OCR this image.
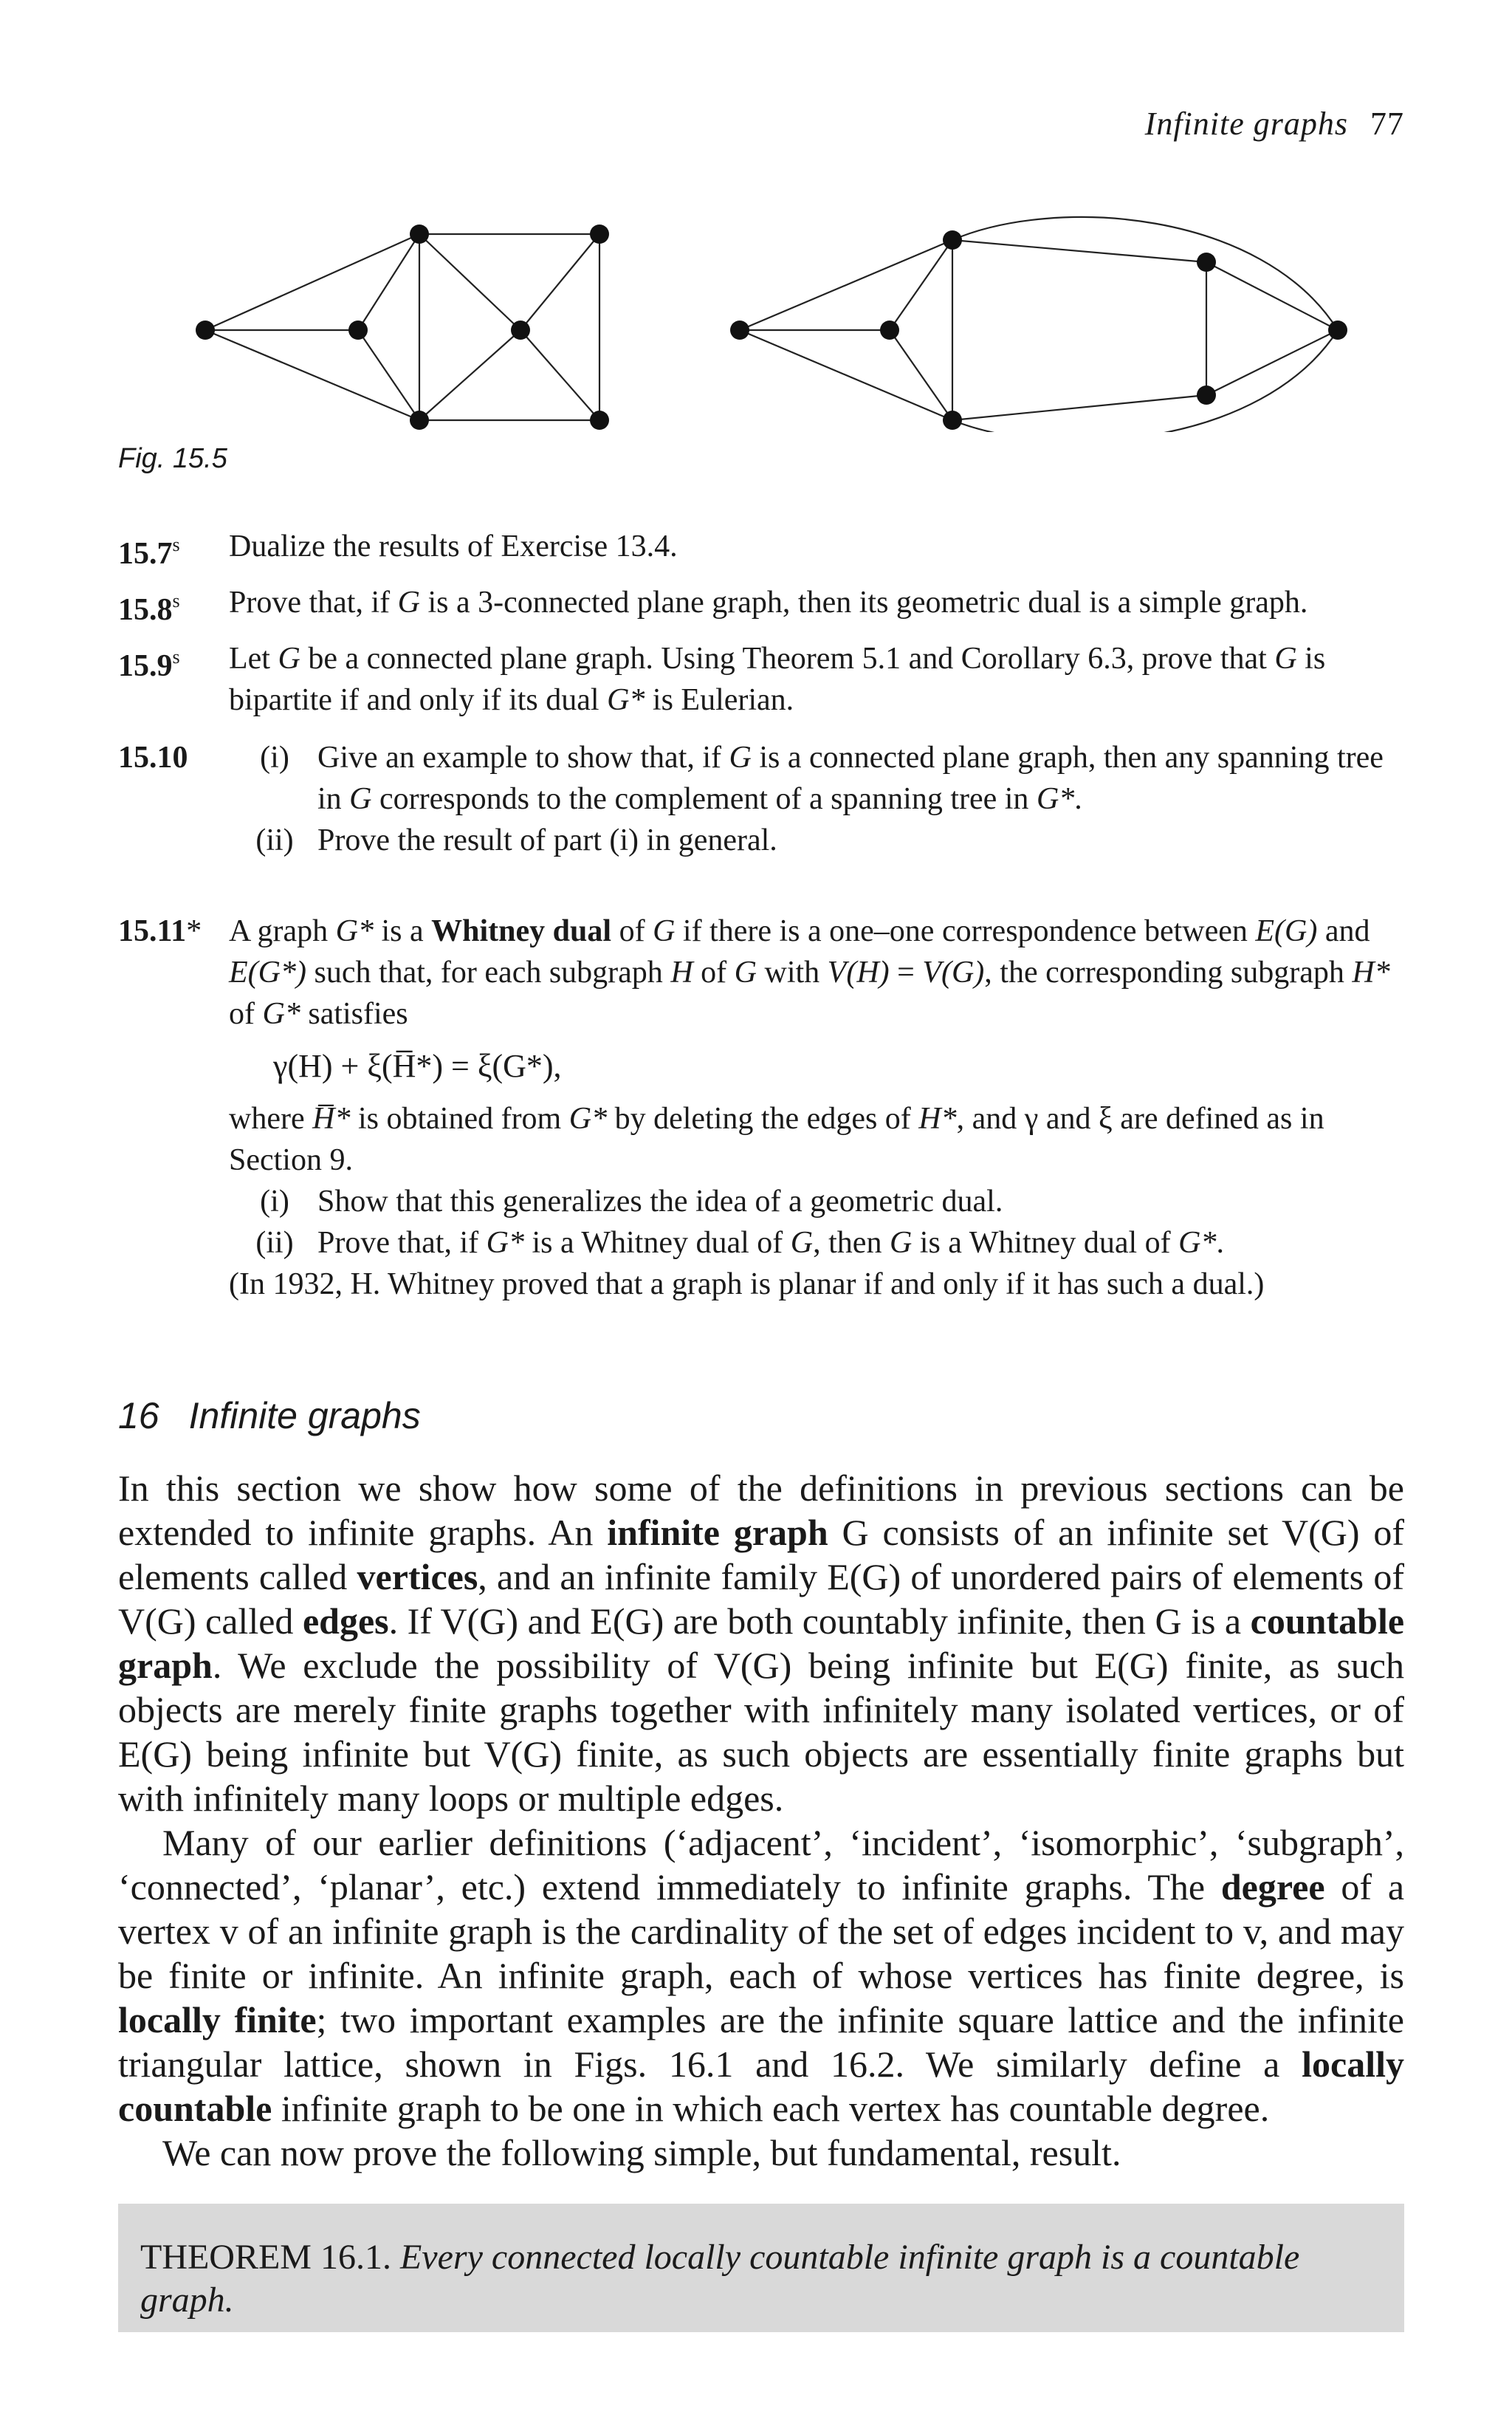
Infinite graphs 77
Fig. 15.5
15.7$^s$ Dualize the results of Exercise 13.4.
15.8$^s$ Prove that, if G is a 3-connected plane graph, then its geometric dual is a simple graph.
15.9$^s$ Let G be a connected plane graph. Using Theorem 5.1 and Corollary 6.3, prove that G is bipartite if and only if its dual G* is Eulerian.
15.10	(i) Give an example to show that, if G is a connected plane graph, then any spanning tree in G corresponds to the complement of a spanning tree in G*.
(ii) Prove the result of part (i) in general.
15.11* A graph G* is a Whitney dual of G if there is a one–one correspondence between E(G) and E(G*) such that, for each subgraph H of G with V(H) = V(G), the corresponding subgraph H* of G* satisfies
γ(H) + ξ(H̅*) = ξ(G*),
where H̅* is obtained from G* by deleting the edges of H*, and γ and ξ are defined as in Section 9.
(i) Show that this generalizes the idea of a geometric dual.
(ii) Prove that, if G* is a Whitney dual of G, then G is a Whitney dual of G*.
(In 1932, H. Whitney proved that a graph is planar if and only if it has such a dual.)
16 Infinite graphs

In this section we show how some of the definitions in previous sections can be extended to infinite graphs. An infinite graph G consists of an infinite set V(G) of elements called vertices, and an infinite family E(G) of unordered pairs of elements of V(G) called edges. If V(G) and E(G) are both countably infinite, then G is a countable graph. We exclude the possibility of V(G) being infinite but E(G) finite, as such objects are merely finite graphs together with infinitely many isolated vertices, or of E(G) being infinite but V(G) finite, as such objects are essentially finite graphs but with infinitely many loops or multiple edges.

Many of our earlier definitions (‘adjacent’, ‘incident’, ‘isomorphic’, ‘subgraph’, ‘connected’, ‘planar’, etc.) extend immediately to infinite graphs. The degree of a vertex v of an infinite graph is the cardinality of the set of edges incident to v, and may be finite or infinite. An infinite graph, each of whose vertices has finite degree, is locally finite; two important examples are the infinite square lattice and the infinite triangular lattice, shown in Figs. 16.1 and 16.2. We similarly define a locally countable infinite graph to be one in which each vertex has countable degree.

We can now prove the following simple, but fundamental, result.

THEOREM 16.1. Every connected locally countable infinite graph is a countable graph.
